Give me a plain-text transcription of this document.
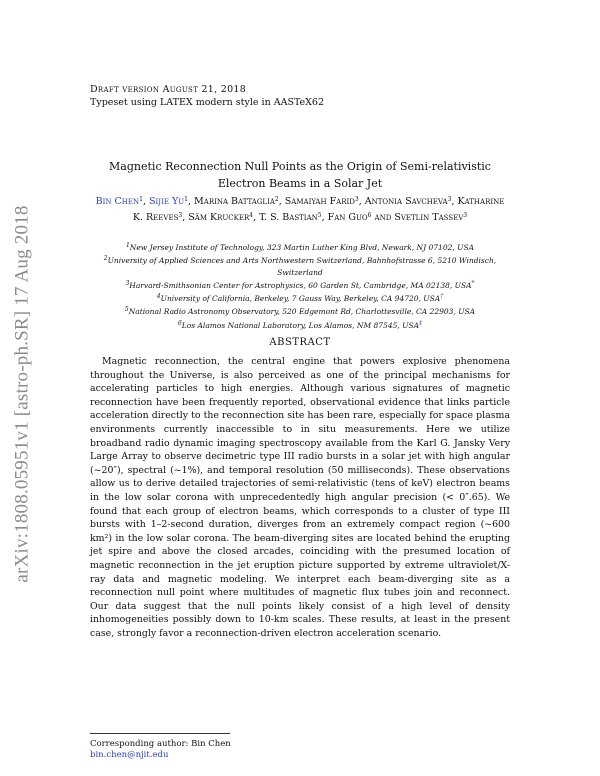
arXiv:1808.05951v1 [astro-ph.SR] 17 Aug 2018
Draft version August 21, 2018
Typeset using LATEX modern style in AASTeX62
Magnetic Reconnection Null Points as the Origin of Semi-relativistic Electron Beams in a Solar Jet
Bin Chen$^1$, Sijie Yu$^1$, Marina Battaglia$^2$, Samaiyah Farid$^3$, Antonia Savcheva$^3$, Katharine K. Reeves$^3$, Säm Krucker$^4$, T. S. Bastian$^5$, Fan Guo$^6$ and Svetlin Tassev$^3$
$^1$New Jersey Institute of Technology, 323 Martin Luther King Blvd, Newark, NJ 07102, USA
$^2$University of Applied Sciences and Arts Northwestern Switzerland, Bahnhofstrasse 6, 5210 Windisch, Switzerland
$^3$Harvard-Smithsonian Center for Astrophysics, 60 Garden St, Cambridge, MA 02138, USA*
$^4$University of California, Berkeley, 7 Gauss Way, Berkeley, CA 94720, USA†
$^5$National Radio Astronomy Observatory, 520 Edgemont Rd, Charlottesville, CA 22903, USA
$^6$Los Alamos National Laboratory, Los Alamos, NM 87545, USA‡
ABSTRACT
Magnetic reconnection, the central engine that powers explosive phenomena throughout the Universe, is also perceived as one of the principal mechanisms for accelerating particles to high energies. Although various signatures of magnetic reconnection have been frequently reported, observational evidence that links particle acceleration directly to the reconnection site has been rare, especially for space plasma environments currently inaccessible to in situ measurements. Here we utilize broadband radio dynamic imaging spectroscopy available from the Karl G. Jansky Very Large Array to observe decimetric type III radio bursts in a solar jet with high angular (~20″), spectral (~1%), and temporal resolution (50 milliseconds). These observations allow us to derive detailed trajectories of semi-relativistic (tens of keV) electron beams in the low solar corona with unprecedentedly high angular precision (< 0″.65). We found that each group of electron beams, which corresponds to a cluster of type III bursts with 1–2-second duration, diverges from an extremely compact region (~600 km²) in the low solar corona. The beam-diverging sites are located behind the erupting jet spire and above the closed arcades, coinciding with the presumed location of magnetic reconnection in the jet eruption picture supported by extreme ultraviolet/X-ray data and magnetic modeling. We interpret each beam-diverging site as a reconnection null point where multitudes of magnetic flux tubes join and reconnect. Our data suggest that the null points likely consist of a high level of density inhomogeneities possibly down to 10-km scales. These results, at least in the present case, strongly favor a reconnection-driven electron acceleration scenario.
Corresponding author: Bin Chen
bin.chen@njit.edu
